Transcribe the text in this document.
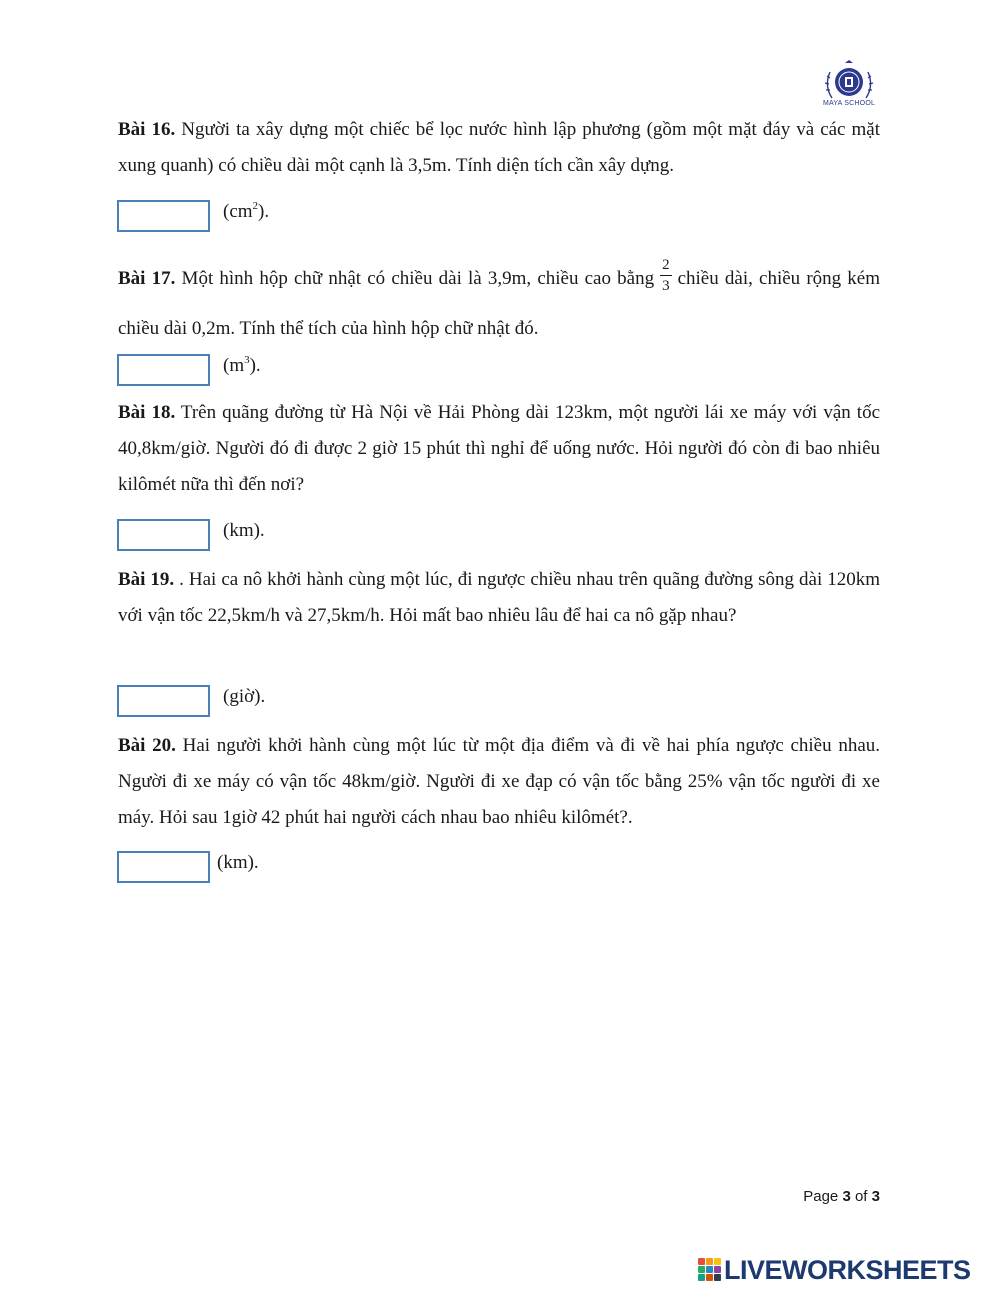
MAYA SCHOOL
Bài 16. Người ta xây dựng một chiếc bể lọc nước hình lập phương (gồm một mặt đáy và các mặt xung quanh) có chiều dài một cạnh là 3,5m. Tính diện tích cần xây dựng.
$(cm^2)$.
Bài 17. Một hình hộp chữ nhật có chiều dài là 3,9m, chiều cao bằng $\frac{2}{3}$ chiều dài, chiều rộng kém chiều dài 0,2m. Tính thể tích của hình hộp chữ nhật đó.
$(m^3)$.
Bài 18. Trên quãng đường từ Hà Nội về Hải Phòng dài 123km, một người lái xe máy với vận tốc 40,8km/giờ. Người đó đi được 2 giờ 15 phút thì nghỉ để uống nước. Hỏi người đó còn đi bao nhiêu kilômét nữa thì đến nơi?
(km).
Bài 19. . Hai ca nô khởi hành cùng một lúc, đi ngược chiều nhau trên quãng đường sông dài 120km với vận tốc 22,5km/h và 27,5km/h. Hỏi mất bao nhiêu lâu để hai ca nô gặp nhau?
(giờ).
Bài 20. Hai người khởi hành cùng một lúc từ một địa điểm và đi về hai phía ngược chiều nhau. Người đi xe máy có vận tốc 48km/giờ. Người đi xe đạp có vận tốc bằng 25% vận tốc người đi xe máy. Hỏi sau 1giờ 42 phút hai người cách nhau bao nhiêu kilômét?.
(km).
Page 3 of 3
LIVEWORKSHEETS
